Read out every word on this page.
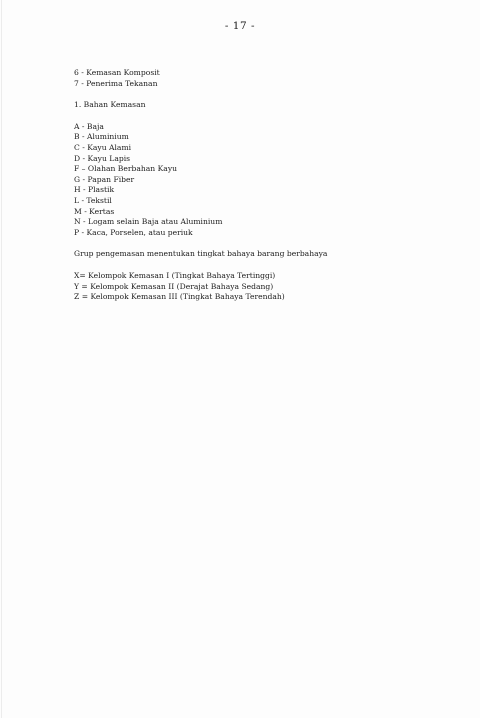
- 17 -

6 - Kemasan Komposit

7 - Penerima Tekanan

1. Bahan Kemasan

A - Baja

B - Aluminium

C - Kayu Alami

D - Kayu Lapis

F – Olahan Berbahan Kayu

G - Papan Fiber

H - Plastik

L - Tekstil

M - Kertas

N - Logam selain Baja atau Aluminium

P - Kaca, Porselen, atau periuk

Grup pengemasan menentukan tingkat bahaya barang berbahaya

X= Kelompok Kemasan I (Tingkat Bahaya Tertinggi)

Y = Kelompok Kemasan II (Derajat Bahaya Sedang)

Z = Kelompok Kemasan III (Tingkat Bahaya Terendah)
